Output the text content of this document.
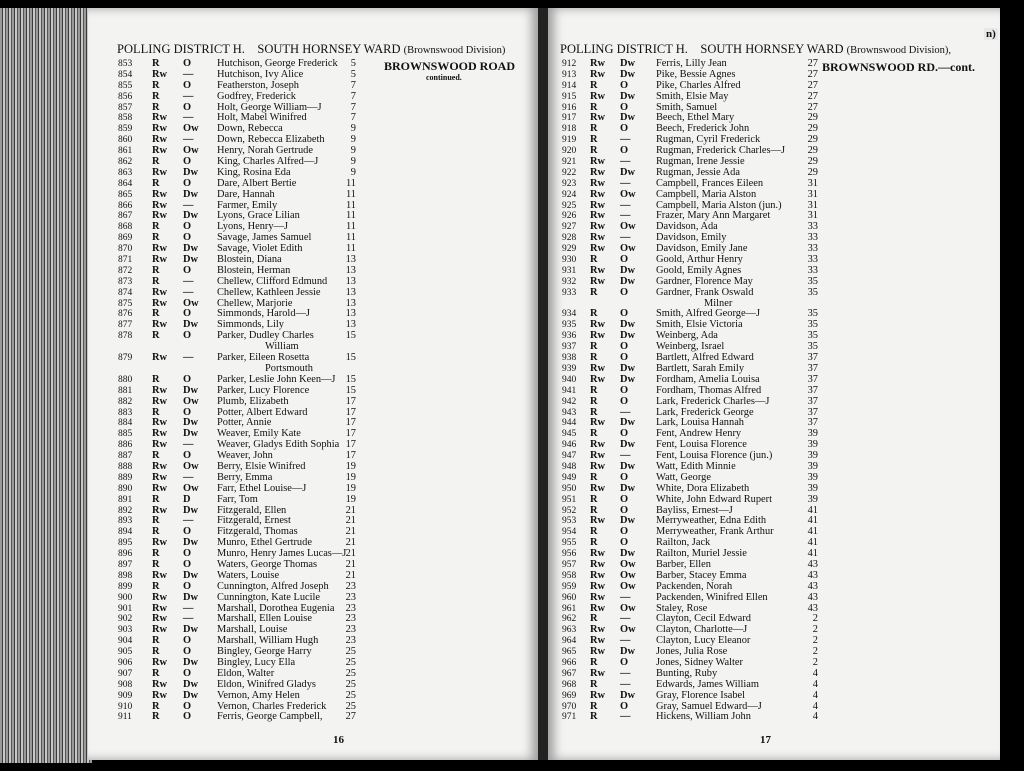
n)
POLLING DISTRICT H. SOUTH HORNSEY WARD (Brownswood Division)
BROWNSWOOD ROAD
continued.
853 R O Hutchison, George Frederick	5
854 Rw — Hutchison, Ivy Alice	5
855 R O Featherston, Joseph	7
856 R — Godfrey, Frederick	7
857 R O Holt, George William—J	7
858 Rw — Holt, Mabel Winifred	7
859 Rw Ow Down, Rebecca	9
860 Rw — Down, Rebecca Elizabeth	9
861 Rw Ow Henry, Norah Gertrude	9
862 R O King, Charles Alfred—J	9
863 Rw Dw King, Rosina Eda	9
864 R O Dare, Albert Bertie	11
865 Rw Dw Dare, Hannah	11
866 Rw — Farmer, Emily	11
867 Rw Dw Lyons, Grace Lilian	11
868 R O Lyons, Henry—J	11
869 R O Savage, James Samuel	11
870 Rw Dw Savage, Violet Edith	11
871 Rw Dw Blostein, Diana	13
872 R O Blostein, Herman	13
873 R — Chellew, Clifford Edmund	13
874 Rw — Chellew, Kathleen Jessie	13
875 Rw Ow Chellew, Marjorie	13
876 R O Simmonds, Harold—J	13
877 Rw Dw Simmonds, Lily	13
878 R O Parker, Dudley Charles	15
William
879 Rw — Parker, Eileen Rosetta	15
Portsmouth
880 R O Parker, Leslie John Keen—J 15
881 Rw Dw Parker, Lucy Florence	15
882 Rw Ow Plumb, Elizabeth	17
883 R O Potter, Albert Edward	17
884 Rw Dw Potter, Annie	17
885 Rw Dw Weaver, Emily Kate	17
886 Rw — Weaver, Gladys Edith Sophia 17
887 R O Weaver, John	17
888 Rw Ow Berry, Elsie Winifred	19
889 Rw — Berry, Emma	19
890 Rw Ow Farr, Ethel Louise—J	19
891 R D	Farr, Tom	19
892 Rw Dw Fitzgerald, Ellen	21
893 R — Fitzgerald, Ernest	21
894 R O Fitzgerald, Thomas	21
895 Rw Dw Munro, Ethel Gertrude	21
896 R O Munro, Henry James Lucas—J 21
897 R O Waters, George Thomas	21
898 Rw Dw Waters, Louise	21
899 R O Cunnington, Alfred Joseph	23
900 Rw Dw Cunnington, Kate Lucile	23
901 Rw — Marshall, Dorothea Eugenia	23
902 Rw — Marshall, Ellen Louise	23
903 Rw Dw Marshall, Louise	23
904 R O Marshall, William Hugh	23
905 R O Bingley, George Harry	25
906 Rw Dw Bingley, Lucy Ella	25
907 R O Eldon, Walter	25
908 Rw Dw Eldon, Winifred Gladys	25
909 Rw Dw Vernon, Amy Helen	25
910 R O Vernon, Charles Frederick	25
911 R O Ferris, George Campbell,	27
16
POLLING DISTRICT H. SOUTH HORNSEY WARD (Brownswood Division),
BROWNSWOOD RD.—cont.
912 Rw Dw Ferris, Lilly Jean	27
913 Rw Dw Pike, Bessie Agnes	27
914 R O	Pike, Charles Alfred	27
915 Rw Dw Smith, Elsie May	27
916 R O	Smith, Samuel	27
917 Rw Dw Beech, Ethel Mary	29
918 R O	Beech, Frederick John	29
919 R — Rugman, Cyril Frederick	29
920 R O	Rugman, Frederick Charles—J	29
921 Rw — Rugman, Irene Jessie	29
922 Rw Dw Rugman, Jessie Ada	29
923 Rw — Campbell, Frances Eileen	31
924 Rw Ow Campbell, Maria Alston	31
925 Rw — Campbell, Maria Alston (jun.)	31
926 Rw — Frazer, Mary Ann Margaret	31
927 Rw Ow Davidson, Ada	33
928 Rw — Davidson, Emily	33
929 Rw Ow Davidson, Emily Jane	33
930 R O	Goold, Arthur Henry	33
931 Rw Dw Goold, Emily Agnes	33
932 Rw Dw Gardner, Florence May	35
933 R O	Gardner, Frank Oswald	35
Milner
934 R O	Smith, Alfred George—J	35
935 Rw Dw Smith, Elsie Victoria	35
936 Rw Dw Weinberg, Ada	35
937 R O	Weinberg, Israel	35
938 R O	Bartlett, Alfred Edward	37
939 Rw Dw Bartlett, Sarah Emily	37
940 Rw Dw Fordham, Amelia Louisa	37
941 R O	Fordham, Thomas Alfred	37
942 R O	Lark, Frederick Charles—J	37
943 R — Lark, Frederick George	37
944 Rw Dw Lark, Louisa Hannah	37
945 R O	Fent, Andrew Henry	39
946 Rw Dw Fent, Louisa Florence	39
947 Rw — Fent, Louisa Florence (jun.)	39
948 Rw Dw Watt, Edith Minnie	39
949 R O	Watt, George	39
950 Rw Dw White, Dora Elizabeth	39
951 R O	White, John Edward Rupert	39
952 R O	Bayliss, Ernest—J	41
953 Rw Dw Merryweather, Edna Edith	41
954 R O	Merryweather, Frank Arthur	41
955 R O	Railton, Jack	41
956 Rw Dw Railton, Muriel Jessie	41
957 Rw Ow Barber, Ellen	43
958 Rw Ow Barber, Stacey Emma	43
959 Rw Ow Packenden, Norah	43
960 Rw — Packenden, Winifred Ellen	43
961 Rw Ow Staley, Rose	43
962 R — Clayton, Cecil Edward	2
963 Rw Ow Clayton, Charlotte—J	2
964 Rw — Clayton, Lucy Eleanor	2
965 Rw Dw Jones, Julia Rose	2
966 R O	Jones, Sidney Walter	2
967 Rw — Bunting, Ruby	4
968 R — Edwards, James William	4
969 Rw Dw Gray, Florence Isabel	4
970 R O	Gray, Samuel Edward—J	4
971 R — Hickens, William John	4
17
